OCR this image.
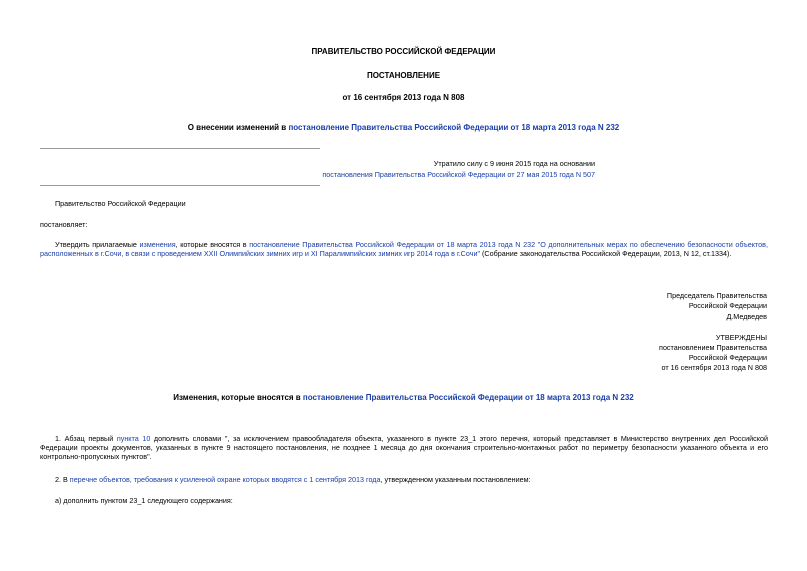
ПРАВИТЕЛЬСТВО РОССИЙСКОЙ ФЕДЕРАЦИИ
ПОСТАНОВЛЕНИЕ
от 16 сентября 2013 года N 808
О внесении изменений в постановление Правительства Российской Федерации от 18 марта 2013 года N 232
Утратило силу с 9 июня 2015 года на основании
постановления Правительства Российской Федерации от 27 мая 2015 года N 507
Правительство Российской Федерации
постановляет:
Утвердить прилагаемые изменения, которые вносятся в постановление Правительства Российской Федерации от 18 марта 2013 года N 232 "О дополнительных мерах по обеспечению безопасности объектов, расположенных в г.Сочи, в связи с проведением XXII Олимпийских зимних игр и XI Паралимпийских зимних игр 2014 года в г.Сочи" (Собрание законодательства Российской Федерации, 2013, N 12, ст.1334).
Председатель Правительства
Российской Федерации
Д.Медведев
УТВЕРЖДЕНЫ
постановлением Правительства
Российской Федерации
от 16 сентября 2013 года N 808
Изменения, которые вносятся в постановление Правительства Российской Федерации от 18 марта 2013 года N 232
1. Абзац первый пункта 10 дополнить словами ", за исключением правообладателя объекта, указанного в пункте 23_1 этого перечня, который представляет в Министерство внутренних дел Российской Федерации проекты документов, указанных в пункте 9 настоящего постановления, не позднее 1 месяца до дня окончания строительно-монтажных работ по периметру безопасности указанного объекта и его контрольно-пропускных пунктов".
2. В перечне объектов, требования к усиленной охране которых вводятся с 1 сентября 2013 года, утвержденном указанным постановлением:
а) дополнить пунктом 23_1 следующего содержания:
